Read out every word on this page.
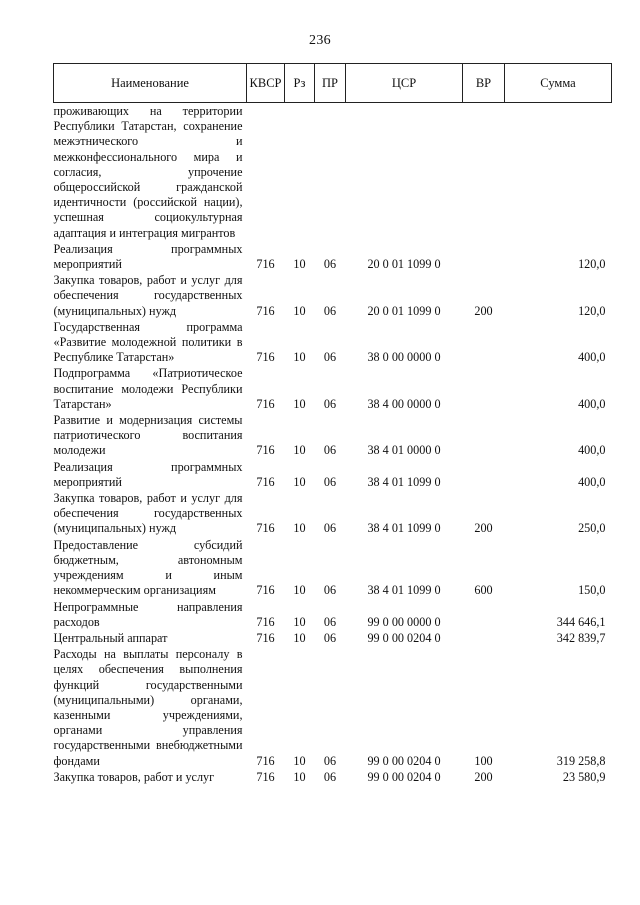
236
Наименование	КВСР	Рз	ПР	ЦСР	ВР	Сумма
проживающих на территории Республики Татарстан, сохранение межэтнического и межконфессионального мира и согласия, упрочение общероссийской гражданской идентичности (российской нации), успешная социокультурная адаптация и интеграция мигрантов						
Реализация программных мероприятий	716	10	06	20 0 01 1099 0		120,0
Закупка товаров, работ и услуг для обеспечения государственных (муниципальных) нужд	716	10	06	20 0 01 1099 0	200	120,0
Государственная программа «Развитие молодежной политики в Республике Татарстан»	716	10	06	38 0 00 0000 0		400,0
Подпрограмма «Патриотическое воспитание молодежи Республики Татарстан»	716	10	06	38 4 00 0000 0		400,0
Развитие и модернизация системы патриотического воспитания молодежи	716	10	06	38 4 01 0000 0		400,0
Реализация программных мероприятий	716	10	06	38 4 01 1099 0		400,0
Закупка товаров, работ и услуг для обеспечения государственных (муниципальных) нужд	716	10	06	38 4 01 1099 0	200	250,0
Предоставление субсидий бюджетным, автономным учреждениям и иным некоммерческим организациям	716	10	06	38 4 01 1099 0	600	150,0
Непрограммные направления расходов	716	10	06	99 0 00 0000 0		344 646,1
Центральный аппарат	716	10	06	99 0 00 0204 0		342 839,7
Расходы на выплаты персоналу в целях обеспечения выполнения функций государственными (муниципальными) органами, казенными учреждениями, органами управления государственными внебюджетными фондами	716	10	06	99 0 00 0204 0	100	319 258,8
Закупка товаров, работ и услуг	716	10	06	99 0 00 0204 0	200	23 580,9
